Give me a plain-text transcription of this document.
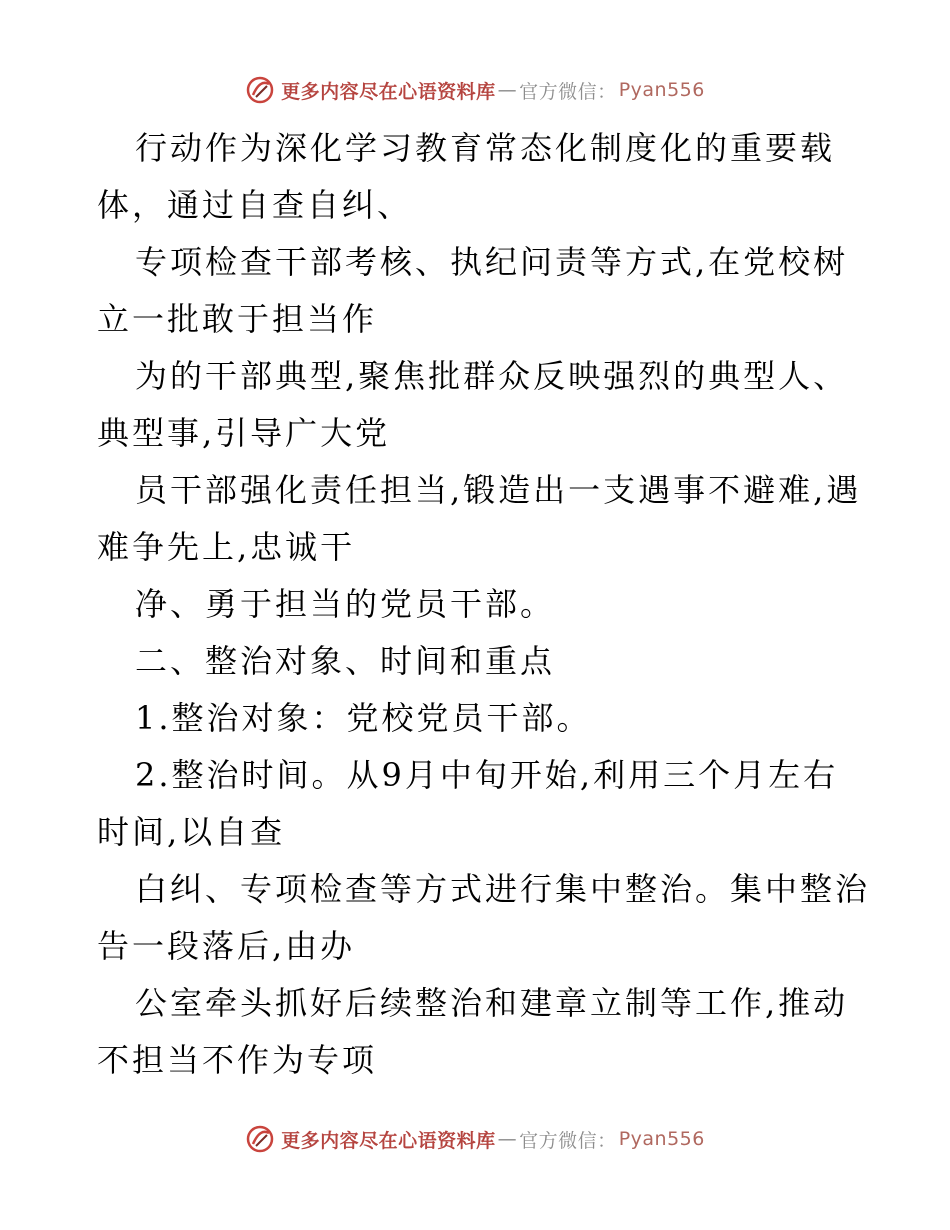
更多内容尽在心语资料库 — 官方微信： Pyan556
行动作为深化学习教育常态化制度化的重要载
体，通过自查自纠、
专项检查干部考核、执纪问责等方式,在党校树
立一批敢于担当作
为的干部典型,聚焦批群众反映强烈的典型人、
典型事,引导广大党
员干部强化责任担当,锻造出一支遇事不避难,遇
难争先上,忠诚干
净、勇于担当的党员干部。
二、整治对象、时间和重点
1.整治对象：党校党员干部。
2.整治时间。从9月中旬开始,利用三个月左右
时间,以自查
白纠、专项检查等方式进行集中整治。集中整治
告一段落后,由办
公室牵头抓好后续整治和建章立制等工作,推动
不担当不作为专项
更多内容尽在心语资料库 — 官方微信： Pyan556
